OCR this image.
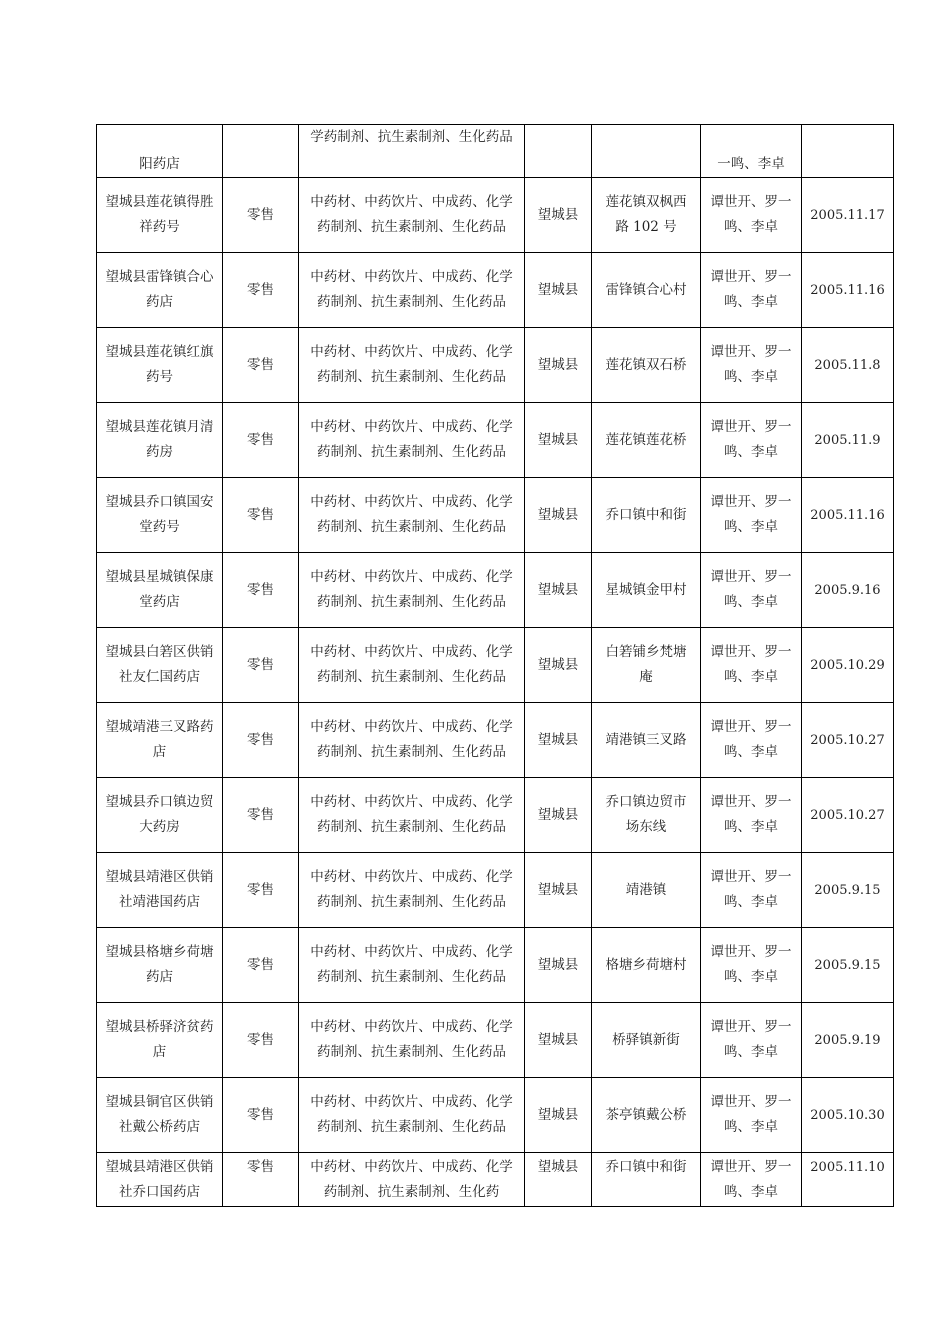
阳药店		学药制剂、抗生素制剂、生化药品			一鸣、李卓	
望城县莲花镇得胜祥药号	零售	中药材、中药饮片、中成药、化学药制剂、抗生素制剂、生化药品	望城县	莲花镇双枫西路 102 号	谭世开、罗一鸣、李卓	2005.11.17
望城县雷锋镇合心药店	零售	中药材、中药饮片、中成药、化学药制剂、抗生素制剂、生化药品	望城县	雷锋镇合心村	谭世开、罗一鸣、李卓	2005.11.16
望城县莲花镇红旗药号	零售	中药材、中药饮片、中成药、化学药制剂、抗生素制剂、生化药品	望城县	莲花镇双石桥	谭世开、罗一鸣、李卓	2005.11.8
望城县莲花镇月清药房	零售	中药材、中药饮片、中成药、化学药制剂、抗生素制剂、生化药品	望城县	莲花镇莲花桥	谭世开、罗一鸣、李卓	2005.11.9
望城县乔口镇国安堂药号	零售	中药材、中药饮片、中成药、化学药制剂、抗生素制剂、生化药品	望城县	乔口镇中和街	谭世开、罗一鸣、李卓	2005.11.16
望城县星城镇保康堂药店	零售	中药材、中药饮片、中成药、化学药制剂、抗生素制剂、生化药品	望城县	星城镇金甲村	谭世开、罗一鸣、李卓	2005.9.16
望城县白箬区供销社友仁国药店	零售	中药材、中药饮片、中成药、化学药制剂、抗生素制剂、生化药品	望城县	白箬铺乡梵塘庵	谭世开、罗一鸣、李卓	2005.10.29
望城靖港三叉路药店	零售	中药材、中药饮片、中成药、化学药制剂、抗生素制剂、生化药品	望城县	靖港镇三叉路	谭世开、罗一鸣、李卓	2005.10.27
望城县乔口镇边贸大药房	零售	中药材、中药饮片、中成药、化学药制剂、抗生素制剂、生化药品	望城县	乔口镇边贸市场东线	谭世开、罗一鸣、李卓	2005.10.27
望城县靖港区供销社靖港国药店	零售	中药材、中药饮片、中成药、化学药制剂、抗生素制剂、生化药品	望城县	靖港镇	谭世开、罗一鸣、李卓	2005.9.15
望城县格塘乡荷塘药店	零售	中药材、中药饮片、中成药、化学药制剂、抗生素制剂、生化药品	望城县	格塘乡荷塘村	谭世开、罗一鸣、李卓	2005.9.15
望城县桥驿济贫药店	零售	中药材、中药饮片、中成药、化学药制剂、抗生素制剂、生化药品	望城县	桥驿镇新街	谭世开、罗一鸣、李卓	2005.9.19
望城县铜官区供销社戴公桥药店	零售	中药材、中药饮片、中成药、化学药制剂、抗生素制剂、生化药品	望城县	茶亭镇戴公桥	谭世开、罗一鸣、李卓	2005.10.30
望城县靖港区供销社乔口国药店	零售	中药材、中药饮片、中成药、化学药制剂、抗生素制剂、生化药	望城县	乔口镇中和街	谭世开、罗一鸣、李卓	2005.11.10
